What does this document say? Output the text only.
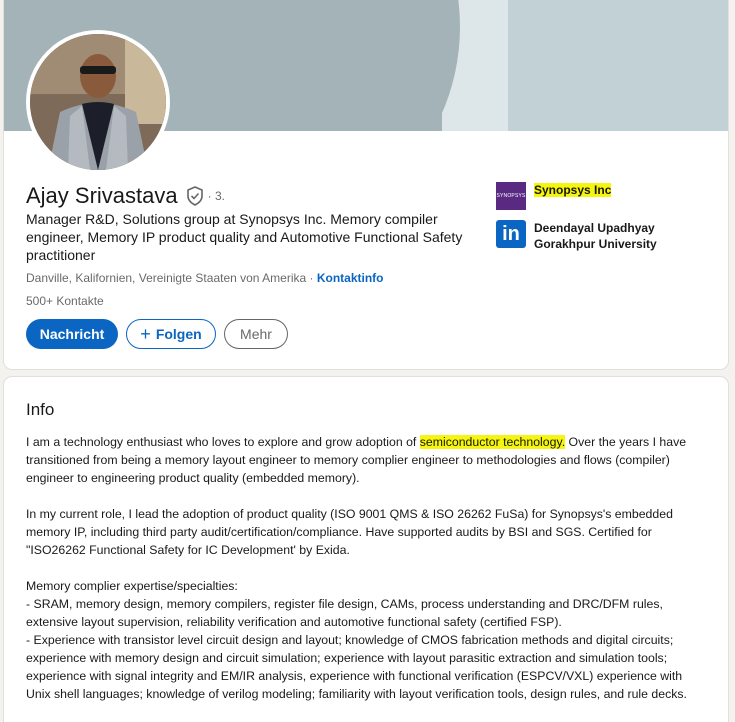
Ajay Srivastava	· 3.
Manager R&D, Solutions group at Synopsys Inc. Memory compiler engineer, Memory IP product quality and Automotive Functional Safety practitioner
Danville, Kalifornien, Vereinigte Staaten von Amerika · Kontaktinfo
500+ Kontakte
Nachricht	+ Folgen	Mehr
SYNOPSYS Synopsys Inc
in	Deendayal Upadhyay Gorakhpur University
Info

I am a technology enthusiast who loves to explore and grow adoption of semiconductor technology. Over the years I have
transitioned from being a memory layout engineer to memory complier engineer to methodologies and flows (compiler)
engineer to engineering product quality (embedded memory).

In my current role, I lead the adoption of product quality (ISO 9001 QMS & ISO 26262 FuSa) for Synopsys's embedded
memory IP, including third party audit/certification/compliance. Have supported audits by BSI and SGS. Certified for
"ISO26262 Functional Safety for IC Development' by Exida.

Memory complier expertise/specialties:
- SRAM, memory design, memory compilers, register file design, CAMs, process understanding and DRC/DFM rules,
extensive layout supervision, reliability verification and automotive functional safety (certified FSP).
- Experience with transistor level circuit design and layout; knowledge of CMOS fabrication methods and digital circuits;
experience with memory design and circuit simulation; experience with layout parasitic extraction and simulation tools;
experience with signal integrity and EM/IR analysis, experience with functional verification (ESPCV/VXL) experience with
Unix shell languages; knowledge of verilog modeling; familiarity with layout verification tools, design rules, and rule decks.
